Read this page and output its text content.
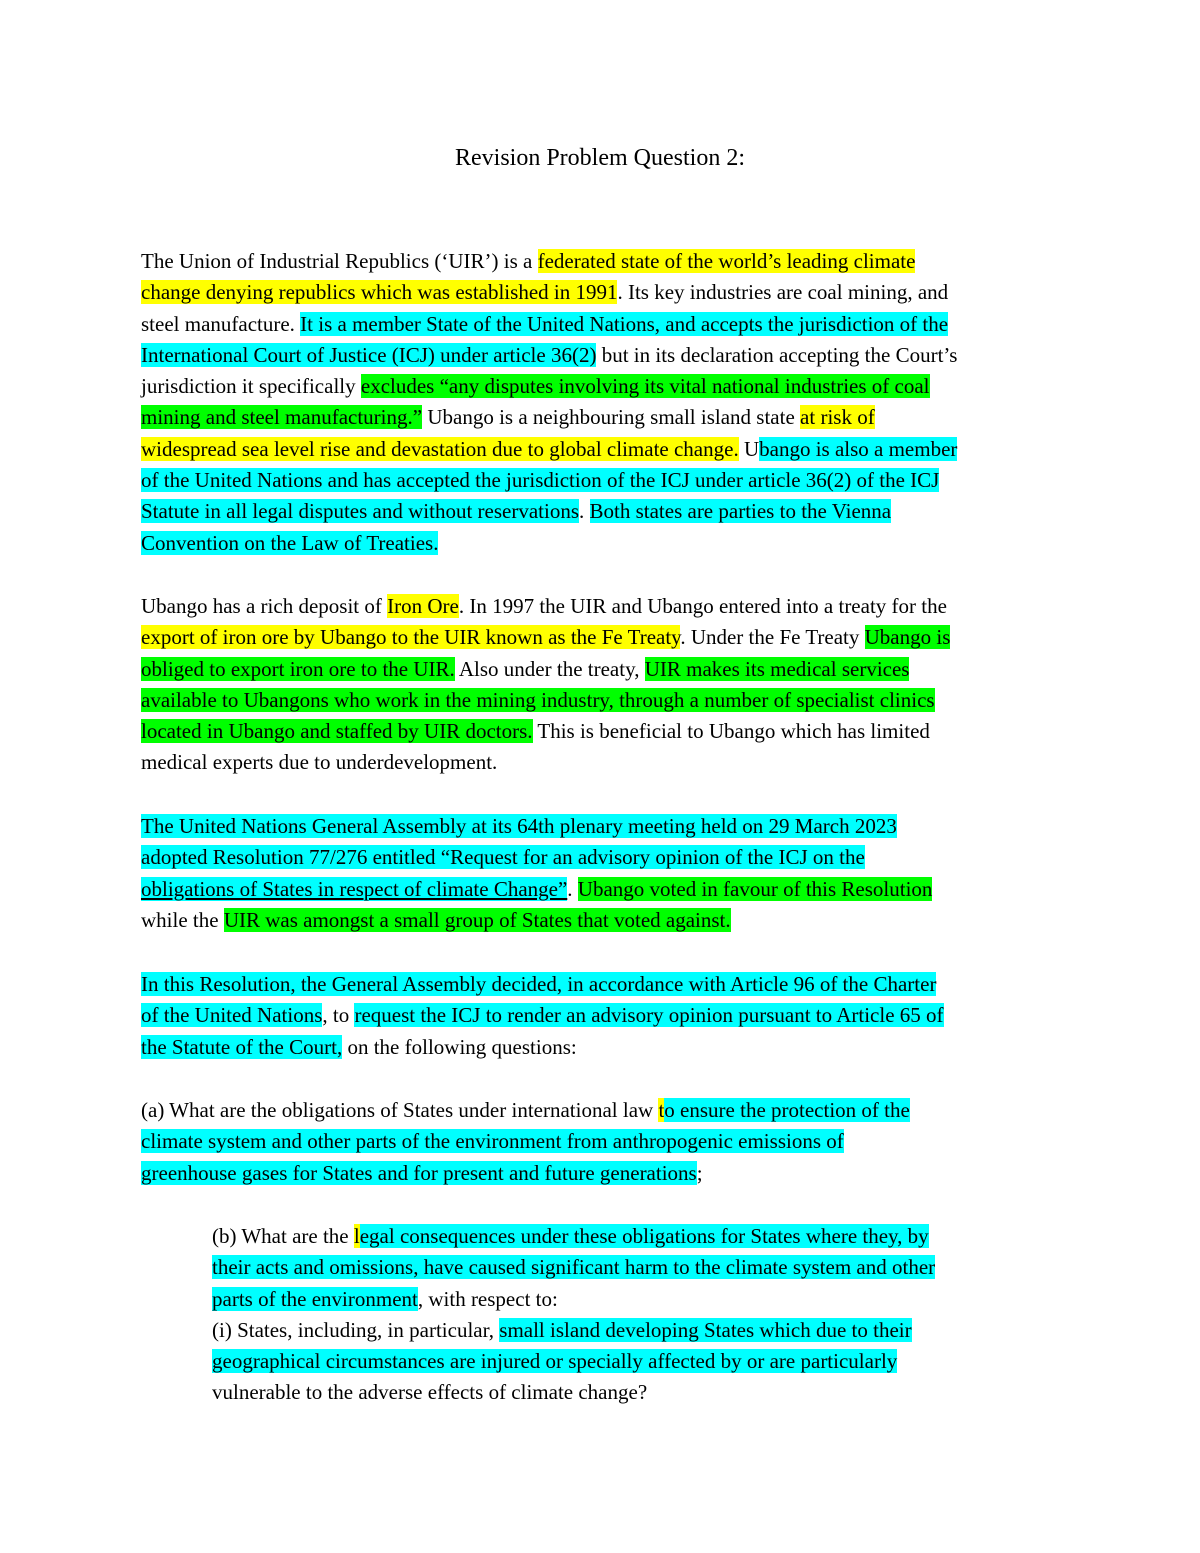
Revision Problem Question 2:
The Union of Industrial Republics (‘UIR’) is a federated state of the world’s leading climate
change denying republics which was established in 1991. Its key industries are coal mining, and
steel manufacture. It is a member State of the United Nations, and accepts the jurisdiction of the
International Court of Justice (ICJ) under article 36(2) but in its declaration accepting the Court’s
jurisdiction it specifically excludes “any disputes involving its vital national industries of coal
mining and steel manufacturing.” Ubango is a neighbouring small island state at risk of
widespread sea level rise and devastation due to global climate change. Ubango is also a member
of the United Nations and has accepted the jurisdiction of the ICJ under article 36(2) of the ICJ
Statute in all legal disputes and without reservations. Both states are parties to the Vienna
Convention on the Law of Treaties.
Ubango has a rich deposit of Iron Ore. In 1997 the UIR and Ubango entered into a treaty for the
export of iron ore by Ubango to the UIR known as the Fe Treaty. Under the Fe Treaty Ubango is
obliged to export iron ore to the UIR. Also under the treaty, UIR makes its medical services
available to Ubangons who work in the mining industry, through a number of specialist clinics
located in Ubango and staffed by UIR doctors. This is beneficial to Ubango which has limited
medical experts due to underdevelopment.
The United Nations General Assembly at its 64th plenary meeting held on 29 March 2023
adopted Resolution 77/276 entitled “Request for an advisory opinion of the ICJ on the
obligations of States in respect of climate Change”. Ubango voted in favour of this Resolution
while the UIR was amongst a small group of States that voted against.
In this Resolution, the General Assembly decided, in accordance with Article 96 of the Charter
of the United Nations, to request the ICJ to render an advisory opinion pursuant to Article 65 of
the Statute of the Court, on the following questions:
(a) What are the obligations of States under international law to ensure the protection of the
climate system and other parts of the environment from anthropogenic emissions of
greenhouse gases for States and for present and future generations;
(b) What are the legal consequences under these obligations for States where they, by
their acts and omissions, have caused significant harm to the climate system and other
parts of the environment, with respect to:
(i) States, including, in particular, small island developing States which due to their
geographical circumstances are injured or specially affected by or are particularly
vulnerable to the adverse effects of climate change?
